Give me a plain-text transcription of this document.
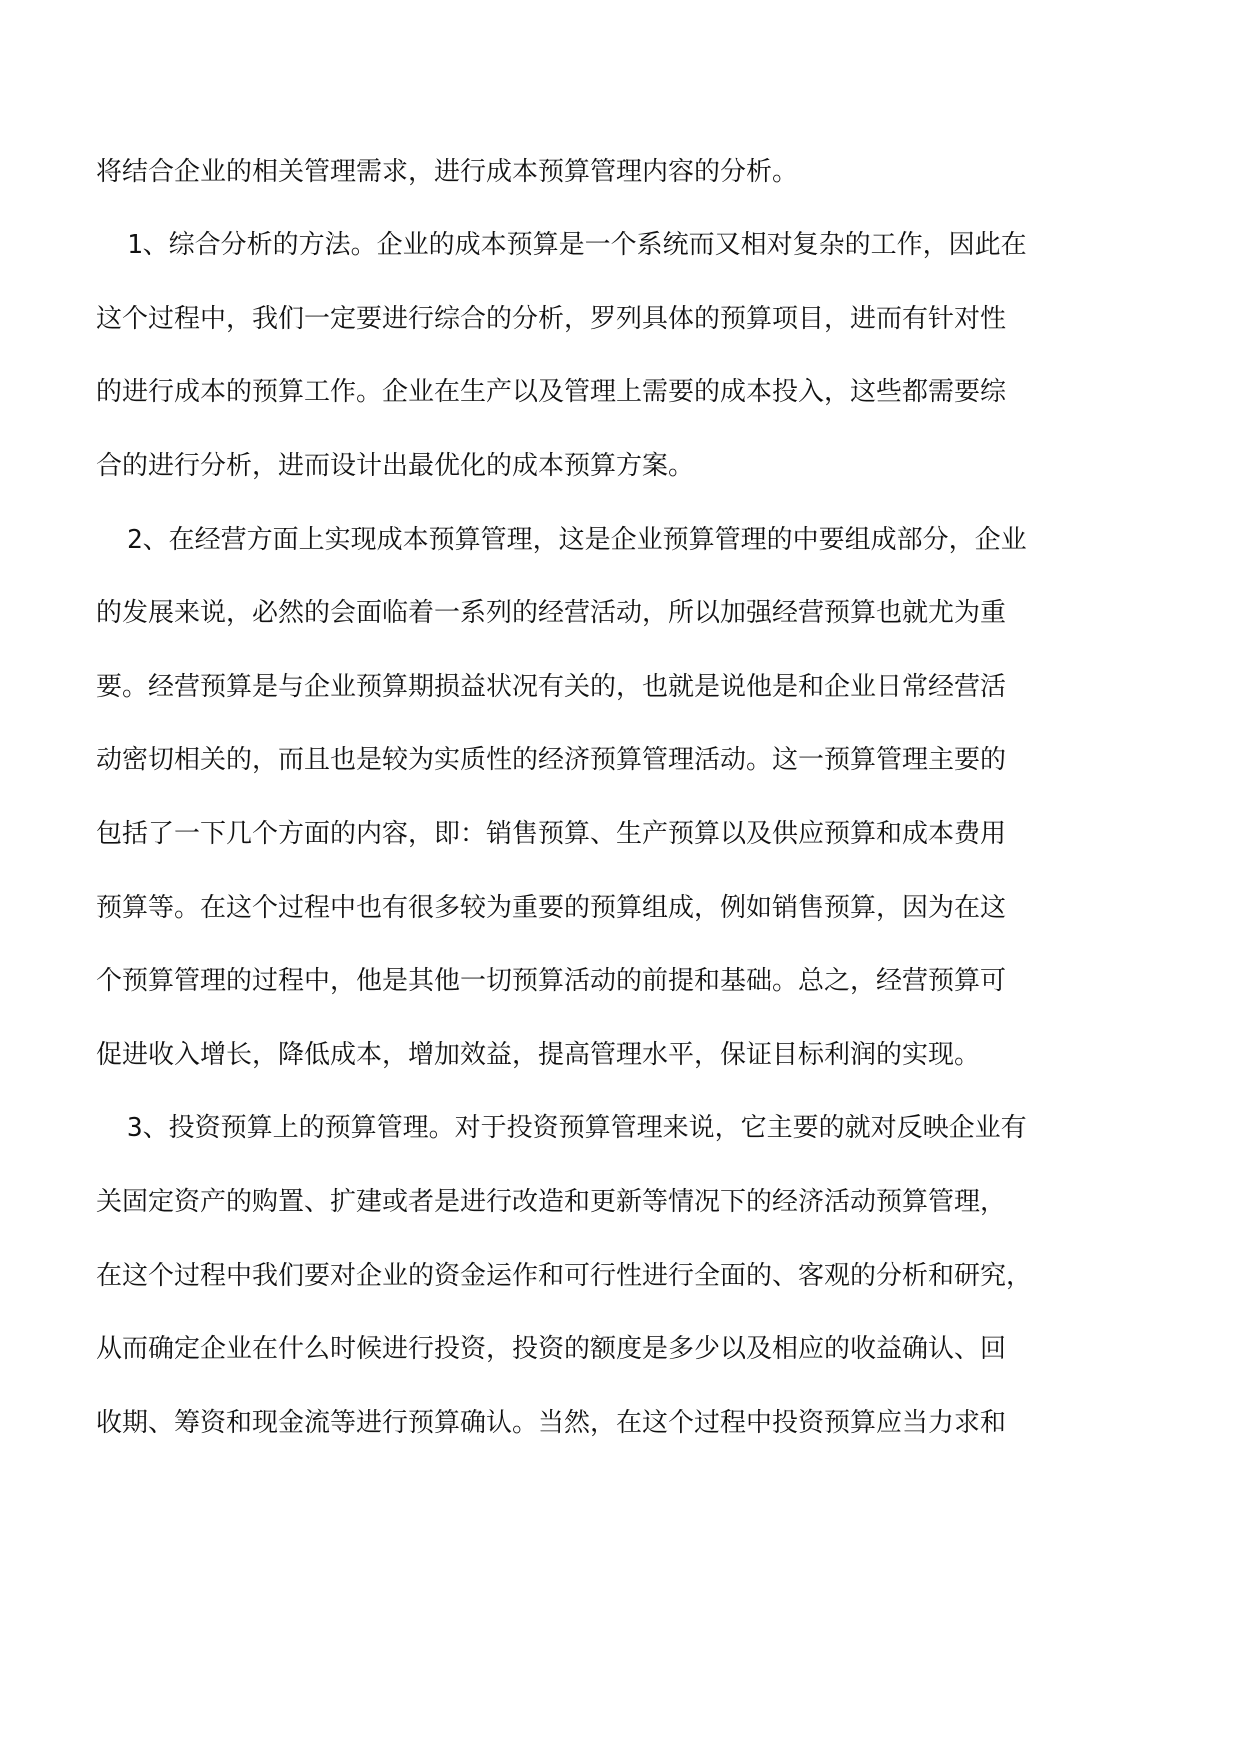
将结合企业的相关管理需求，进行成本预算管理内容的分析。
1、综合分析的方法。企业的成本预算是一个系统而又相对复杂的工作，因此在
这个过程中，我们一定要进行综合的分析，罗列具体的预算项目，进而有针对性
的进行成本的预算工作。企业在生产以及管理上需要的成本投入，这些都需要综
合的进行分析，进而设计出最优化的成本预算方案。
2、在经营方面上实现成本预算管理，这是企业预算管理的中要组成部分，企业
的发展来说，必然的会面临着一系列的经营活动，所以加强经营预算也就尤为重
要。经营预算是与企业预算期损益状况有关的，也就是说他是和企业日常经营活
动密切相关的，而且也是较为实质性的经济预算管理活动。这一预算管理主要的
包括了一下几个方面的内容，即：销售预算、生产预算以及供应预算和成本费用
预算等。在这个过程中也有很多较为重要的预算组成，例如销售预算，因为在这
个预算管理的过程中，他是其他一切预算活动的前提和基础。总之，经营预算可
促进收入增长，降低成本，增加效益，提高管理水平，保证目标利润的实现。
3、投资预算上的预算管理。对于投资预算管理来说，它主要的就对反映企业有
关固定资产的购置、扩建或者是进行改造和更新等情况下的经济活动预算管理，
在这个过程中我们要对企业的资金运作和可行性进行全面的、客观的分析和研究，
从而确定企业在什么时候进行投资，投资的额度是多少以及相应的收益确认、回
收期、筹资和现金流等进行预算确认。当然，在这个过程中投资预算应当力求和
